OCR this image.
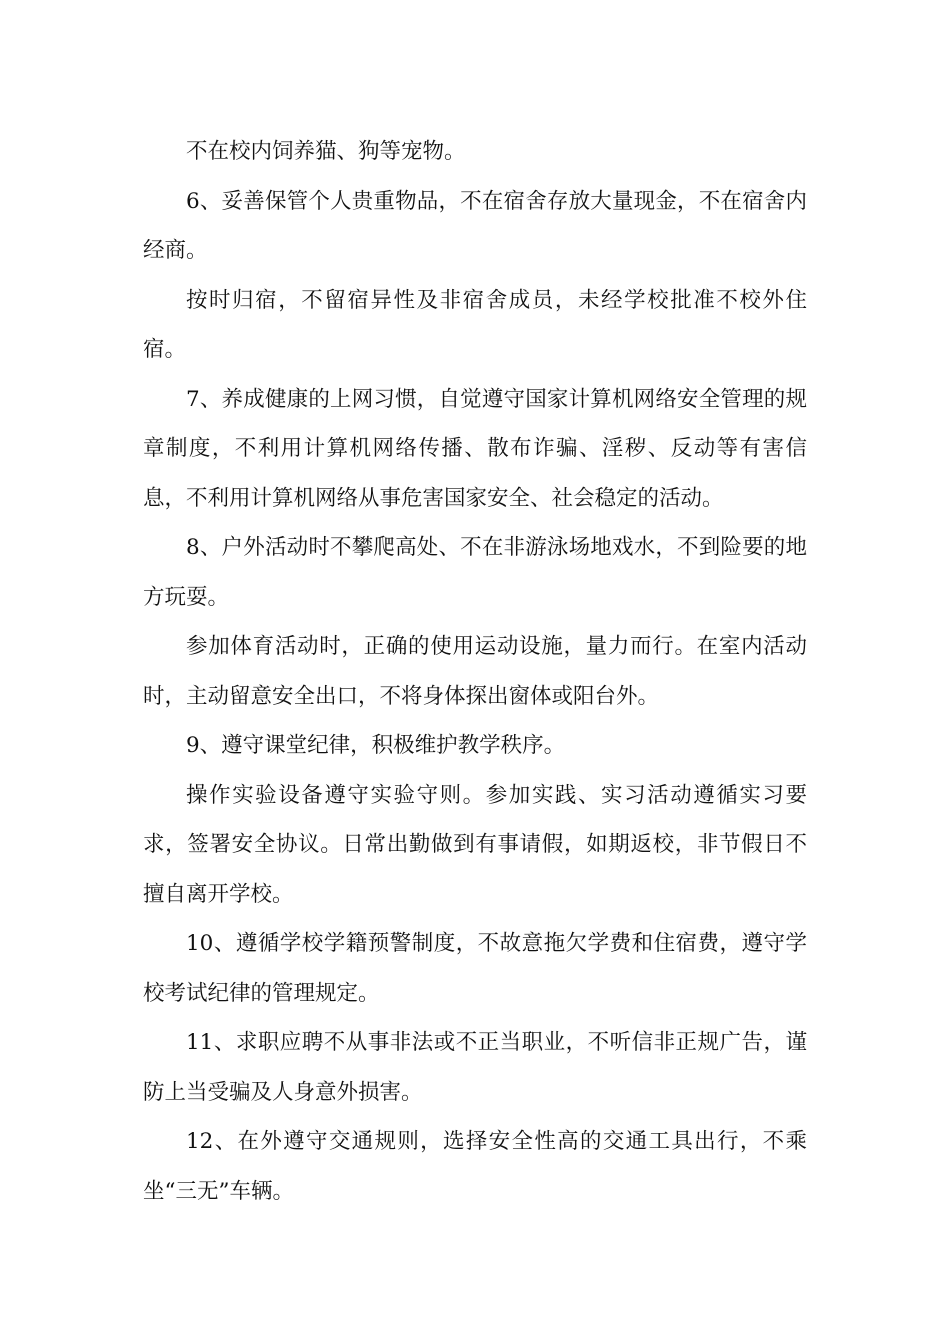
不在校内饲养猫、狗等宠物。

6、妥善保管个人贵重物品，不在宿舍存放大量现金，不在宿舍内经商。

按时归宿，不留宿异性及非宿舍成员，未经学校批准不校外住宿。

7、养成健康的上网习惯，自觉遵守国家计算机网络安全管理的规章制度，不利用计算机网络传播、散布诈骗、淫秽、反动等有害信息，不利用计算机网络从事危害国家安全、社会稳定的活动。

8、户外活动时不攀爬高处、不在非游泳场地戏水，不到险要的地方玩耍。

参加体育活动时，正确的使用运动设施，量力而行。在室内活动时，主动留意安全出口，不将身体探出窗体或阳台外。

9、遵守课堂纪律，积极维护教学秩序。

操作实验设备遵守实验守则。参加实践、实习活动遵循实习要求，签署安全协议。日常出勤做到有事请假，如期返校，非节假日不擅自离开学校。

10、遵循学校学籍预警制度，不故意拖欠学费和住宿费，遵守学校考试纪律的管理规定。

11、求职应聘不从事非法或不正当职业，不听信非正规广告，谨防上当受骗及人身意外损害。

12、在外遵守交通规则，选择安全性高的交通工具出行，不乘坐“三无”车辆。
